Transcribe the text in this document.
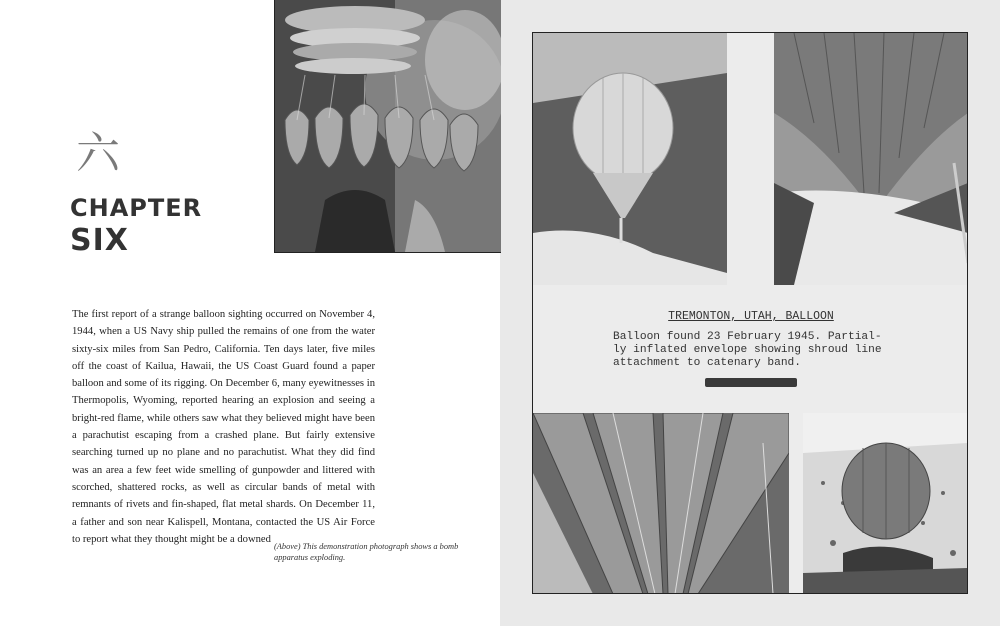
六
CHAPTER
SIX

The first report of a strange balloon sighting occurred on November 4, 1944, when a US Navy ship pulled the remains of one from the water sixty-six miles from San Pedro, California. Ten days later, five miles off the coast of Kailua, Hawaii, the US Coast Guard found a paper balloon and some of its rigging. On December 6, many eyewitnesses in Thermopolis, Wyoming, reported hearing an explosion and seeing a bright-red flame, while others saw what they believed might have been a parachutist escaping from a crashed plane. But fairly extensive searching turned up no plane and no parachutist. What they did find was an area a few feet wide smelling of gunpowder and littered with scorched, shattered rocks, as well as circular bands of metal with remnants of rivets and fin-shaped, flat metal shards. On December 11, a father and son near Kalispell, Montana, contacted the US Air Force to report what they thought might be a downed

(Above) This demonstration photograph shows a bomb apparatus exploding.

TREMONTON, UTAH, BALLOON

Balloon found 23 February 1945. Partial-
ly inflated envelope showing shroud line
attachment to catenary band.
